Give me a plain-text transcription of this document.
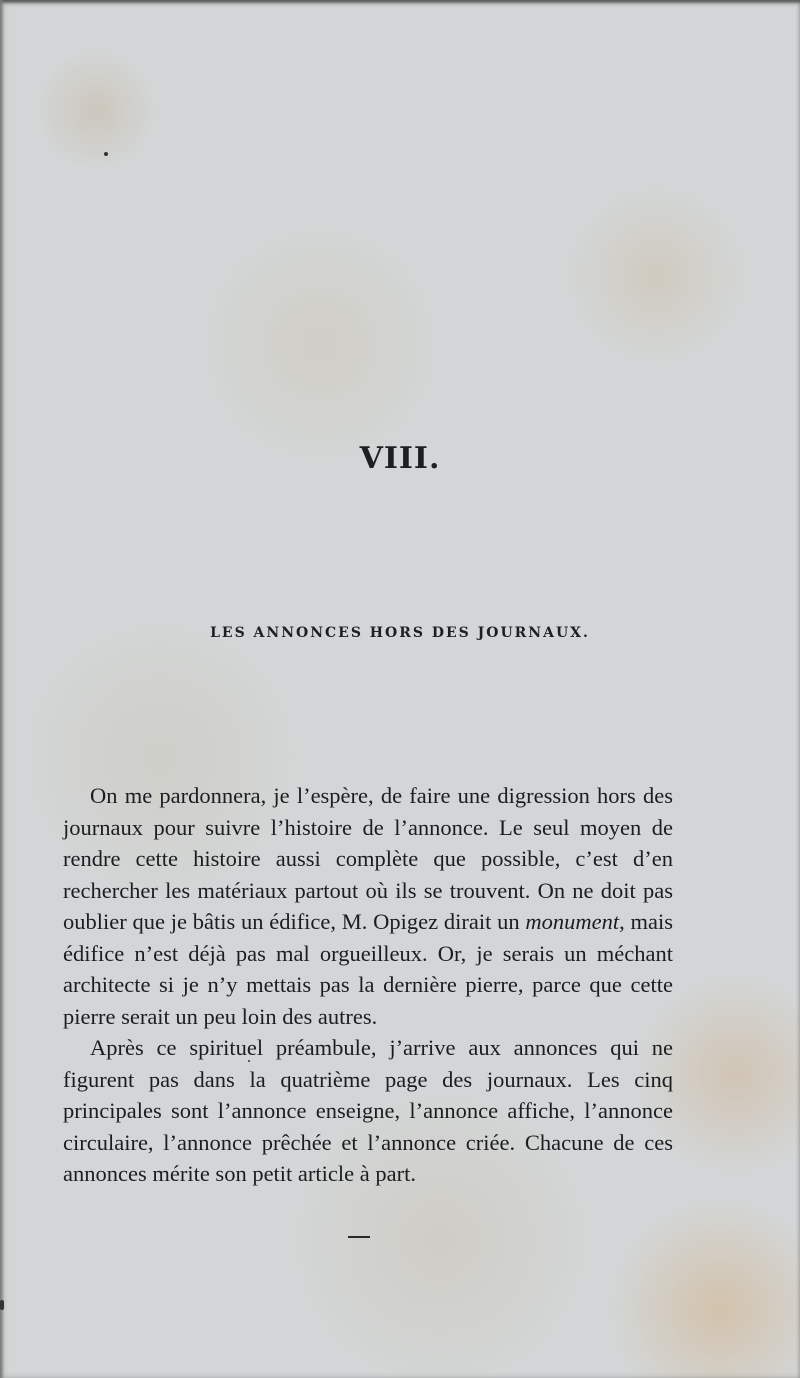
VIII.
LES ANNONCES HORS DES JOURNAUX.

On me pardonnera, je l’espère, de faire une digression hors des journaux pour suivre l’histoire de l’annonce. Le seul moyen de rendre cette histoire aussi complète que possible, c’est d’en rechercher les matériaux partout où ils se trouvent. On ne doit pas oublier que je bâtis un édifice, M. Opigez dirait un monument, mais édifice n’est déjà pas mal orgueilleux. Or, je serais un méchant architecte si je n’y mettais pas la dernière pierre, parce que cette pierre serait un peu loin des autres.

Après ce spirituel préambule, j’arrive aux annonces qui ne figurent pas dans la quatrième page des journaux. Les cinq principales sont l’annonce enseigne, l’annonce affiche, l’annonce circulaire, l’annonce prêchée et l’annonce criée. Chacune de ces annonces mérite son petit article à part.
